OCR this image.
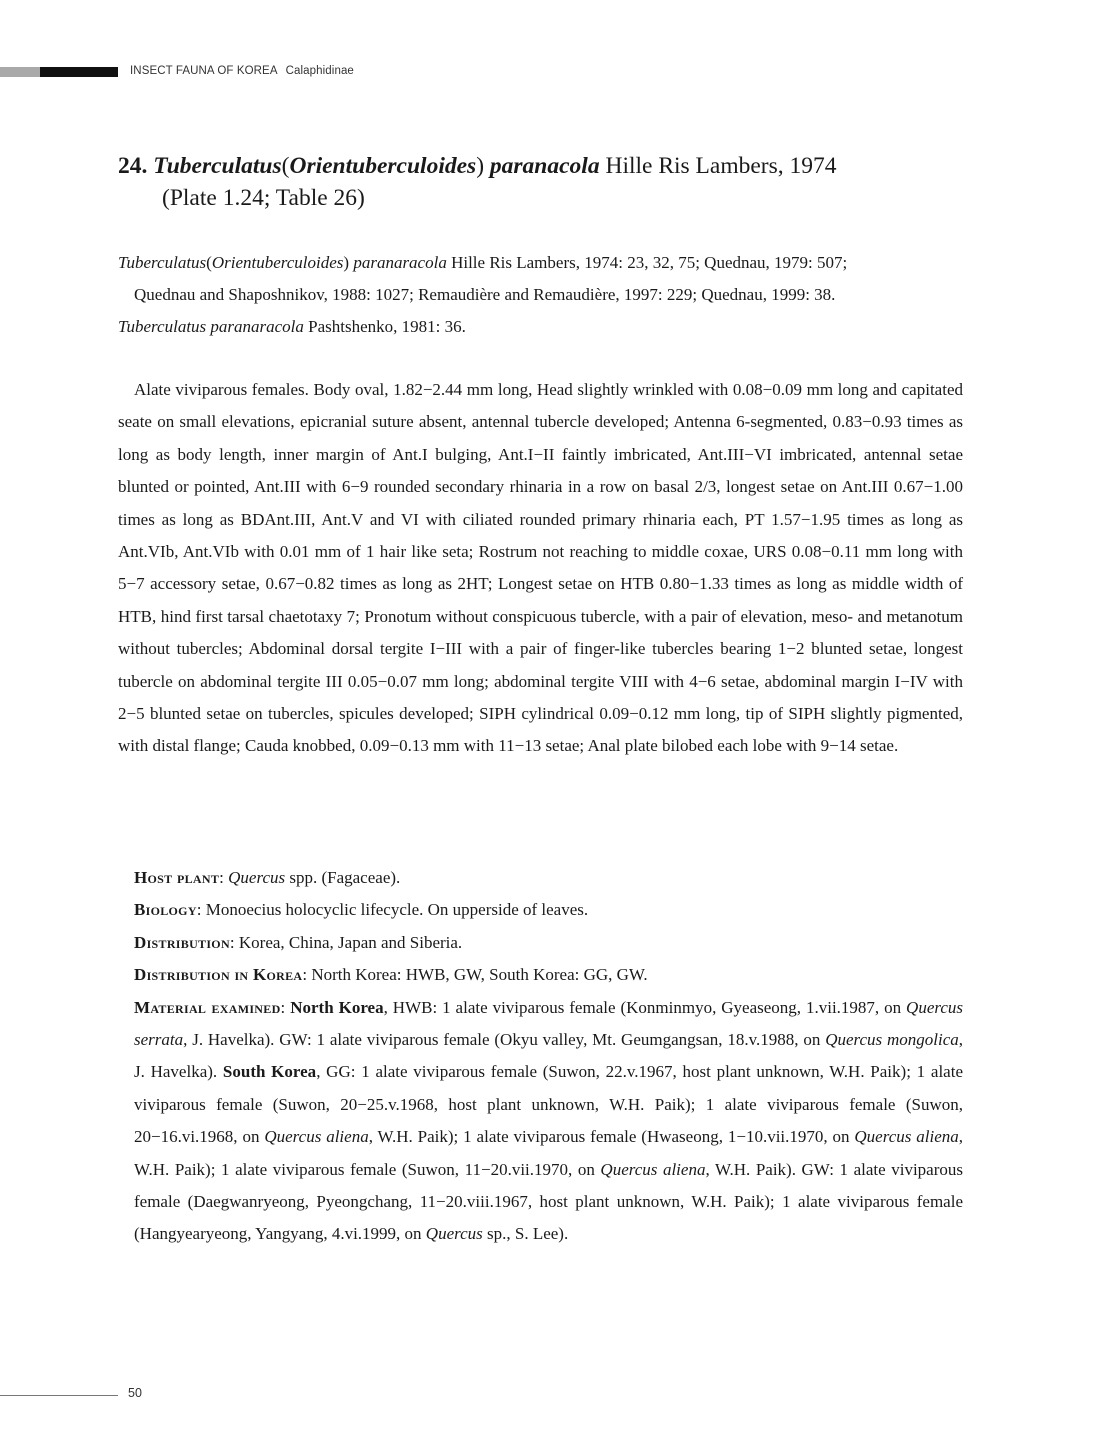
INSECT FAUNA OF KOREA Calaphidinae
24. Tuberculatus(Orientuberculoides) paranacola Hille Ris Lambers, 1974
(Plate 1.24; Table 26)

Tuberculatus(Orientuberculoides) paranaracola Hille Ris Lambers, 1974: 23, 32, 75; Quednau, 1979: 507;

Quednau and Shaposhnikov, 1988: 1027; Remaudière and Remaudière, 1997: 229; Quednau, 1999: 38.

Tuberculatus paranaracola Pashtshenko, 1981: 36.

Alate viviparous females. Body oval, 1.82−2.44 mm long, Head slightly wrinkled with 0.08−0.09 mm long and capitated seate on small elevations, epicranial suture absent, antennal tubercle developed; Antenna 6-segmented, 0.83−0.93 times as long as body length, inner margin of Ant.I bulging, Ant.I−II faintly imbricated, Ant.III−VI imbricated, antennal setae blunted or pointed, Ant.III with 6−9 rounded secondary rhinaria in a row on basal 2/3, longest setae on Ant.III 0.67−1.00 times as long as BDAnt.III, Ant.V and VI with ciliated rounded primary rhinaria each, PT 1.57−1.95 times as long as Ant.VIb, Ant.VIb with 0.01 mm of 1 hair like seta; Rostrum not reaching to middle coxae, URS 0.08−0.11 mm long with 5−7 accessory setae, 0.67−0.82 times as long as 2HT; Longest setae on HTB 0.80−1.33 times as long as middle width of HTB, hind first tarsal chaetotaxy 7; Pronotum without conspicuous tubercle, with a pair of elevation, meso- and metanotum without tubercles; Abdominal dorsal tergite I−III with a pair of finger-like tubercles bearing 1−2 blunted setae, longest tubercle on abdominal tergite III 0.05−0.07 mm long; abdominal tergite VIII with 4−6 setae, abdominal margin I−IV with 2−5 blunted setae on tubercles, spicules developed; SIPH cylindrical 0.09−0.12 mm long, tip of SIPH slightly pigmented, with distal flange; Cauda knobbed, 0.09−0.13 mm with 11−13 setae; Anal plate bilobed each lobe with 9−14 setae.

Host plant: Quercus spp. (Fagaceae).

Biology: Monoecius holocyclic lifecycle. On upperside of leaves.

Distribution: Korea, China, Japan and Siberia.

Distribution in Korea: North Korea: HWB, GW, South Korea: GG, GW.

Material examined: North Korea, HWB: 1 alate viviparous female (Konminmyo, Gyeaseong, 1.vii.1987, on Quercus serrata, J. Havelka). GW: 1 alate viviparous female (Okyu valley, Mt. Geumgangsan, 18.v.1988, on Quercus mongolica, J. Havelka). South Korea, GG: 1 alate viviparous female (Suwon, 22.v.1967, host plant unknown, W.H. Paik); 1 alate viviparous female (Suwon, 20−25.v.1968, host plant unknown, W.H. Paik); 1 alate viviparous female (Suwon, 20−16.vi.1968, on Quercus aliena, W.H. Paik); 1 alate viviparous female (Hwaseong, 1−10.vii.1970, on Quercus aliena, W.H. Paik); 1 alate viviparous female (Suwon, 11−20.vii.1970, on Quercus aliena, W.H. Paik). GW: 1 alate viviparous female (Daegwanryeong, Pyeongchang, 11−20.viii.1967, host plant unknown, W.H. Paik); 1 alate viviparous female (Hangyearyeong, Yangyang, 4.vi.1999, on Quercus sp., S. Lee).

50
